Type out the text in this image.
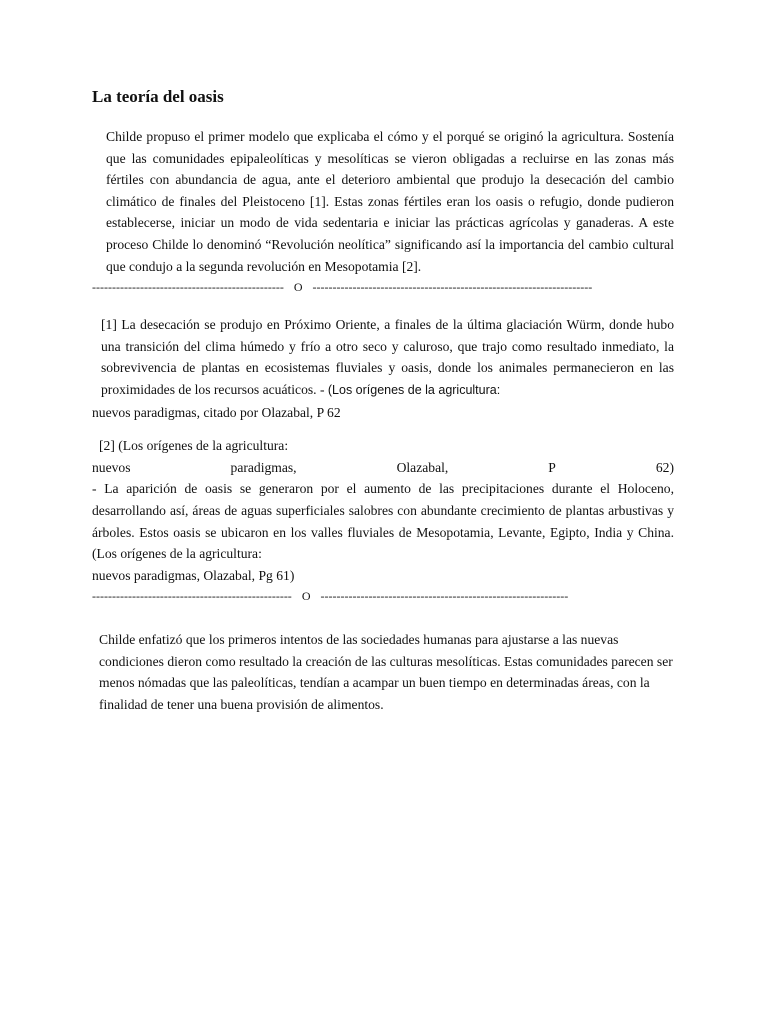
La teoría del oasis

Childe propuso el primer modelo que explicaba el cómo y el porqué se originó la agricultura. Sostenía que las comunidades epipaleolíticas y mesolíticas se vieron obligadas a recluirse en las zonas más fértiles con abundancia de agua, ante el deterioro ambiental que produjo la desecación del cambio climático de finales del Pleistoceno [1]. Estas zonas fértiles eran los oasis o refugio, donde pudieron establecerse, iniciar un modo de vida sedentaria e iniciar las prácticas agrícolas y ganaderas. A este proceso Childe lo denominó “Revolución neolítica” significando así la importancia del cambio cultural que condujo a la segunda revolución en Mesopotamia [2].

------------------------------------------------ O ----------------------------------------------------------------------

[1] La desecación se produjo en Próximo Oriente, a finales de la última glaciación Würm, donde hubo una transición del clima húmedo y frío a otro seco y caluroso, que trajo como resultado inmediato, la sobrevivencia de plantas en ecosistemas fluviales y oasis, donde los animales permanecieron en las proximidades de los recursos acuáticos. - (Los orígenes de la agricultura:

nuevos paradigmas, citado por Olazabal, P 62

[2] (Los orígenes de la agricultura:

nuevos	paradigmas,	Olazabal,	P	62)

- La aparición de oasis se generaron por el aumento de las precipitaciones durante el Holoceno, desarrollando así, áreas de aguas superficiales salobres con abundante crecimiento de plantas arbustivas y árboles. Estos oasis se ubicaron en los valles fluviales de Mesopotamia, Levante, Egipto, India y China. (Los orígenes de la agricultura:

nuevos paradigmas, Olazabal, Pg 61)

-------------------------------------------------- O --------------------------------------------------------------

Childe enfatizó que los primeros intentos de las sociedades humanas para ajustarse a las nuevas condiciones dieron como resultado la creación de las culturas mesolíticas. Estas comunidades parecen ser menos nómadas que las paleolíticas, tendían a acampar un buen tiempo en determinadas áreas, con la finalidad de tener una buena provisión de alimentos.
